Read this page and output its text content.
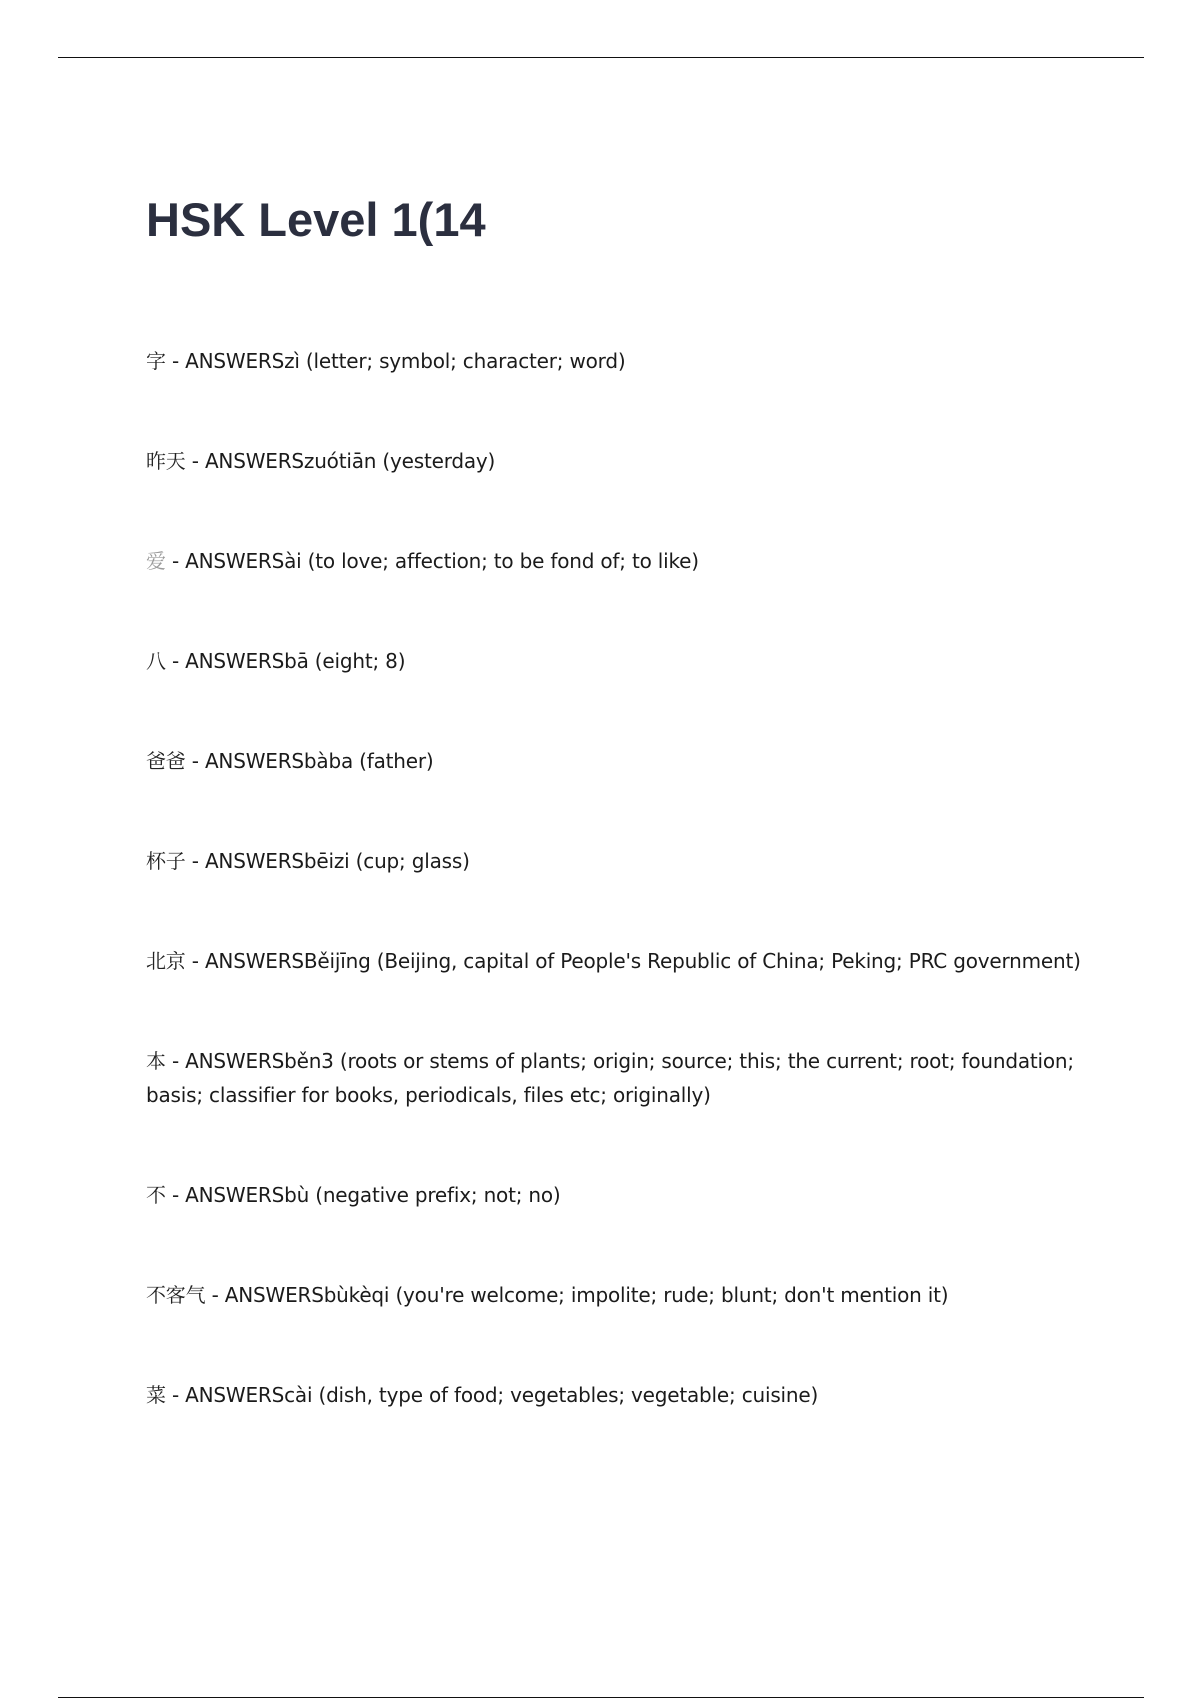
HSK Level 1(14
字 - ANSWERSzì (letter; symbol; character; word)
昨天 - ANSWERSzuótiān (yesterday)
爱 - ANSWERSài (to love; affection; to be fond of; to like)
八 - ANSWERSbā (eight; 8)
爸爸 - ANSWERSbàba (father)
杯子 - ANSWERSbēizi (cup; glass)
北京 - ANSWERSBěijīng (Beijing, capital of People's Republic of China; Peking; PRC government)
本 - ANSWERSběn3 (roots or stems of plants; origin; source; this; the current; root; foundation; basis; classifier for books, periodicals, files etc; originally)
不 - ANSWERSbù (negative prefix; not; no)
不客气 - ANSWERSbùkèqi (you're welcome; impolite; rude; blunt; don't mention it)
菜 - ANSWERScài (dish, type of food; vegetables; vegetable; cuisine)
